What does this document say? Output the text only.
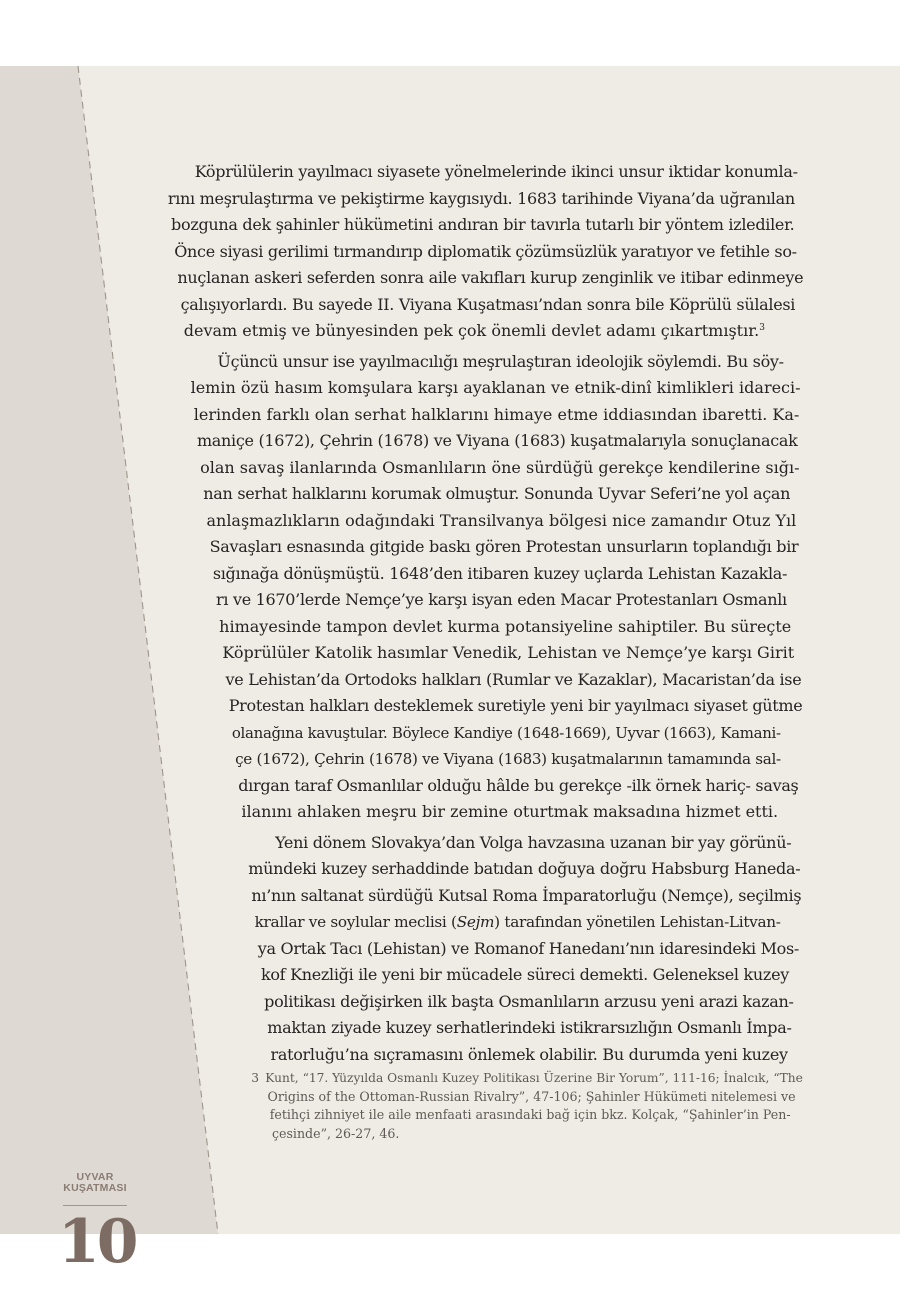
Köprülülerin yayılmacı siyasete yönelmelerinde ikinci unsur iktidar konumla-
rını meşrulaştırma ve pekiştirme kaygısıydı. 1683 tarihinde Viyana’da uğranılan
bozguna dek şahinler hükümetini andıran bir tavırla tutarlı bir yöntem izlediler.
Önce siyasi gerilimi tırmandırıp diplomatik çözümsüzlük yaratıyor ve fetihle so-
nuçlanan askeri seferden sonra aile vakıfları kurup zenginlik ve itibar edinmeye
çalışıyorlardı. Bu sayede II. Viyana Kuşatması’ndan sonra bile Köprülü sülalesi
devam etmiş ve bünyesinden pek çok önemli devlet adamı çıkartmıştır.$^3$
Üçüncü unsur ise yayılmacılığı meşrulaştıran ideolojik söylemdi. Bu söy-
lemin özü hasım komşulara karşı ayaklanan ve etnik-dinî kimlikleri idareci-
lerinden farklı olan serhat halklarını himaye etme iddiasından ibaretti. Ka-
maniçe (1672), Çehrin (1678) ve Viyana (1683) kuşatmalarıyla sonuçlanacak
olan savaş ilanlarında Osmanlıların öne sürdüğü gerekçe kendilerine sığı-
nan serhat halklarını korumak olmuştur. Sonunda Uyvar Seferi’ne yol açan
anlaşmazlıkların odağındaki Transilvanya bölgesi nice zamandır Otuz Yıl
Savaşları esnasında gitgide baskı gören Protestan unsurların toplandığı bir
sığınağa dönüşmüştü. 1648’den itibaren kuzey uçlarda Lehistan Kazakla-
rı ve 1670’lerde Nemçe’ye karşı isyan eden Macar Protestanları Osmanlı
himayesinde tampon devlet kurma potansiyeline sahiptiler. Bu süreçte
Köprülüler Katolik hasımlar Venedik, Lehistan ve Nemçe’ye karşı Girit
ve Lehistan’da Ortodoks halkları (Rumlar ve Kazaklar), Macaristan’da ise
Protestan halkları desteklemek suretiyle yeni bir yayılmacı siyaset gütme
olanağına kavuştular. Böylece Kandiye (1648-1669), Uyvar (1663), Kamani-
çe (1672), Çehrin (1678) ve Viyana (1683) kuşatmalarının tamamında sal-
dırgan taraf Osmanlılar olduğu hâlde bu gerekçe -ilk örnek hariç- savaş
ilanını ahlaken meşru bir zemine oturtmak maksadına hizmet etti.
Yeni dönem Slovakya’dan Volga havzasına uzanan bir yay görünü-
mündeki kuzey serhaddinde batıdan doğuya doğru Habsburg Haneda-
nı’nın saltanat sürdüğü Kutsal Roma İmparatorluğu (Nemçe), seçilmiş
krallar ve soylular meclisi (Sejm) tarafından yönetilen Lehistan-Litvan-
ya Ortak Tacı (Lehistan) ve Romanof Hanedanı’nın idaresindeki Mos-
kof Knezliği ile yeni bir mücadele süreci demekti. Geleneksel kuzey
politikası değişirken ilk başta Osmanlıların arzusu yeni arazi kazan-
maktan ziyade kuzey serhatlerindeki istikrarsızlığın Osmanlı İmpa-
ratorluğu’na sıçramasını önlemek olabilir. Bu durumda yeni kuzey
3 Kunt, “17. Yüzyılda Osmanlı Kuzey Politikası Üzerine Bir Yorum”, 111-16; İnalcık, “The
Origins of the Ottoman-Russian Rivalry”, 47-106; Şahinler Hükümeti nitelemesi ve
fetihçi zihniyet ile aile menfaati arasındaki bağ için bkz. Kolçak, “Şahinler’in Pen-
çesinde”, 26-27, 46.
UYVAR
KUŞATMASI
10
